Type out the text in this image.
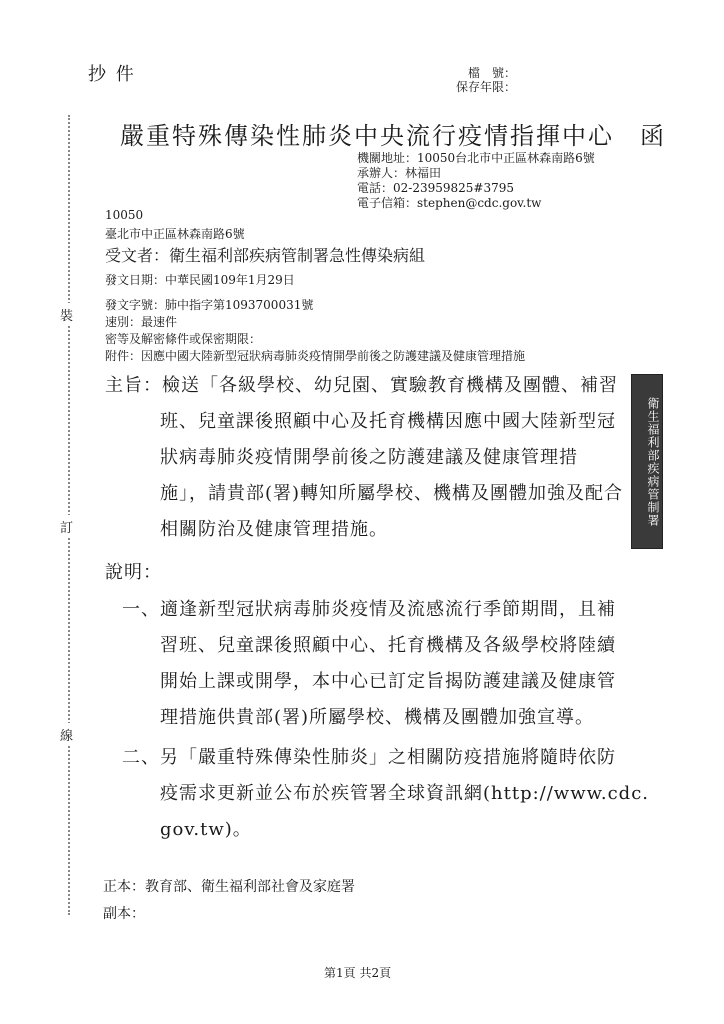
抄 件	檔　號：
保存年限：
裝
訂
線
嚴重特殊傳染性肺炎中央流行疫情指揮中心　函
機關地址：10050台北市中正區林森南路6號
承辦人：林福田
電話：02-23959825#3795
電子信箱：stephen@cdc.gov.tw
10050
臺北市中正區林森南路6號
受文者：衛生福利部疾病管制署急性傳染病組
發文日期：中華民國109年1月29日
發文字號：肺中指字第1093700031號
速別：最速件
密等及解密條件或保密期限：
附件：因應中國大陸新型冠狀病毒肺炎疫情開學前後之防護建議及健康管理措施
主旨：檢送「各級學校、幼兒園、實驗教育機構及團體、補習
班、兒童課後照顧中心及托育機構因應中國大陸新型冠
狀病毒肺炎疫情開學前後之防護建議及健康管理措
施」，請貴部(署)轉知所屬學校、機構及團體加強及配合
相關防治及健康管理措施。
衛生福利部疾病管制署
說明：
一、適逢新型冠狀病毒肺炎疫情及流感流行季節期間，且補
習班、兒童課後照顧中心、托育機構及各級學校將陸續
開始上課或開學，本中心已訂定旨揭防護建議及健康管
理措施供貴部(署)所屬學校、機構及團體加強宣導。
二、另「嚴重特殊傳染性肺炎」之相關防疫措施將隨時依防
疫需求更新並公布於疾管署全球資訊網(http://www.cdc.
gov.tw)。
正本：教育部、衛生福利部社會及家庭署
副本：
第1頁 共2頁
